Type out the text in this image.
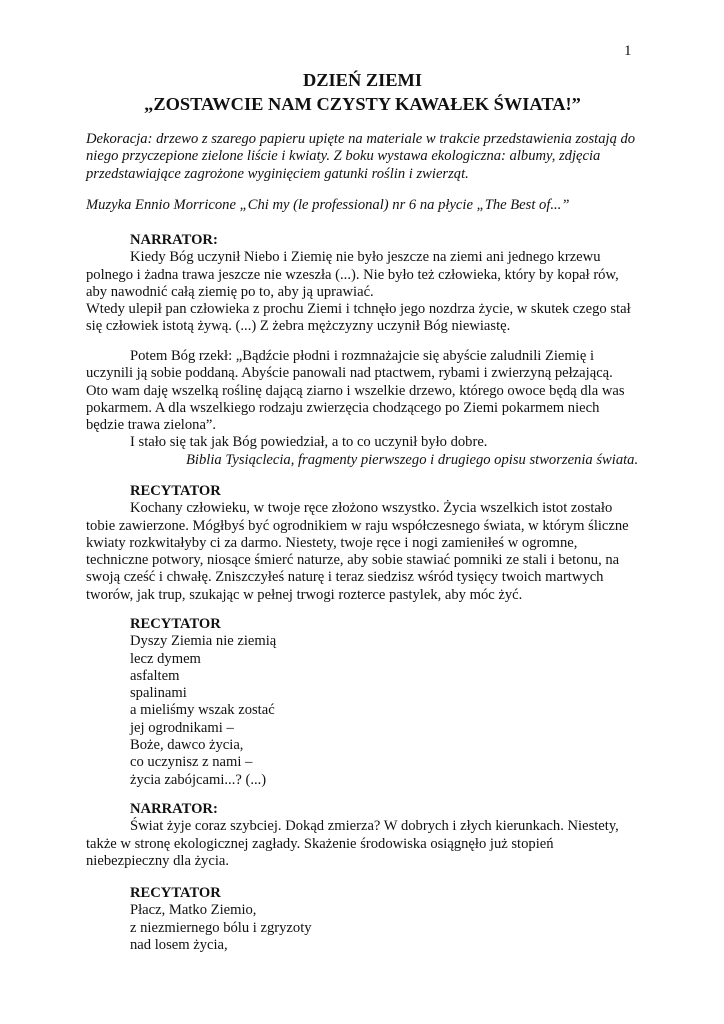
1
DZIEŃ ZIEMI
„ZOSTAWCIE NAM CZYSTY KAWAŁEK ŚWIATA!”
Dekoracja: drzewo z szarego papieru upięte na materiale w trakcie przedstawienia zostają do
niego przyczepione zielone liście i kwiaty. Z boku wystawa ekologiczna: albumy, zdjęcia
przedstawiające zagrożone wyginięciem gatunki roślin i zwierząt.
Muzyka Ennio Morricone „Chi my (le professional) nr 6 na płycie „The Best of...”
NARRATOR:
Kiedy Bóg uczynił Niebo i Ziemię nie było jeszcze na ziemi ani jednego krzewu
polnego i żadna trawa jeszcze nie wzeszła (...). Nie było też człowieka, który by kopał rów,
aby nawodnić całą ziemię po to, aby ją uprawiać.
Wtedy ulepił pan człowieka z prochu Ziemi i tchnęło jego nozdrza życie, w skutek czego stał
się człowiek istotą żywą. (...) Z żebra mężczyzny uczynił Bóg niewiastę.
Potem Bóg rzekł: „Bądźcie płodni i rozmnażajcie się abyście zaludnili Ziemię i
uczynili ją sobie poddaną. Abyście panowali nad ptactwem, rybami i zwierzyną pełzającą.
Oto wam daję wszelką roślinę dającą ziarno i wszelkie drzewo, którego owoce będą dla was
pokarmem. A dla wszelkiego rodzaju zwierzęcia chodzącego po Ziemi pokarmem niech
będzie trawa zielona”.
I stało się tak jak Bóg powiedział, a to co uczynił było dobre.
Biblia Tysiąclecia, fragmenty pierwszego i drugiego opisu stworzenia świata.
RECYTATOR
Kochany człowieku, w twoje ręce złożono wszystko. Życia wszelkich istot zostało
tobie zawierzone. Mógłbyś być ogrodnikiem w raju współczesnego świata, w którym śliczne
kwiaty rozkwitałyby ci za darmo. Niestety, twoje ręce i nogi zamieniłeś w ogromne,
techniczne potwory, niosące śmierć naturze, aby sobie stawiać pomniki ze stali i betonu, na
swoją cześć i chwałę. Zniszczyłeś naturę i teraz siedzisz wśród tysięcy twoich martwych
tworów, jak trup, szukając w pełnej trwogi rozterce pastylek, aby móc żyć.
RECYTATOR
Dyszy Ziemia nie ziemią
lecz dymem
asfaltem
spalinami
a mieliśmy wszak zostać
jej ogrodnikami –
Boże, dawco życia,
co uczynisz z nami –
życia zabójcami...? (...)
NARRATOR:
Świat żyje coraz szybciej. Dokąd zmierza? W dobrych i złych kierunkach. Niestety,
także w stronę ekologicznej zagłady. Skażenie środowiska osiągnęło już stopień
niebezpieczny dla życia.
RECYTATOR
Płacz, Matko Ziemio,
z niezmiernego bólu i zgryzoty
nad losem życia,
